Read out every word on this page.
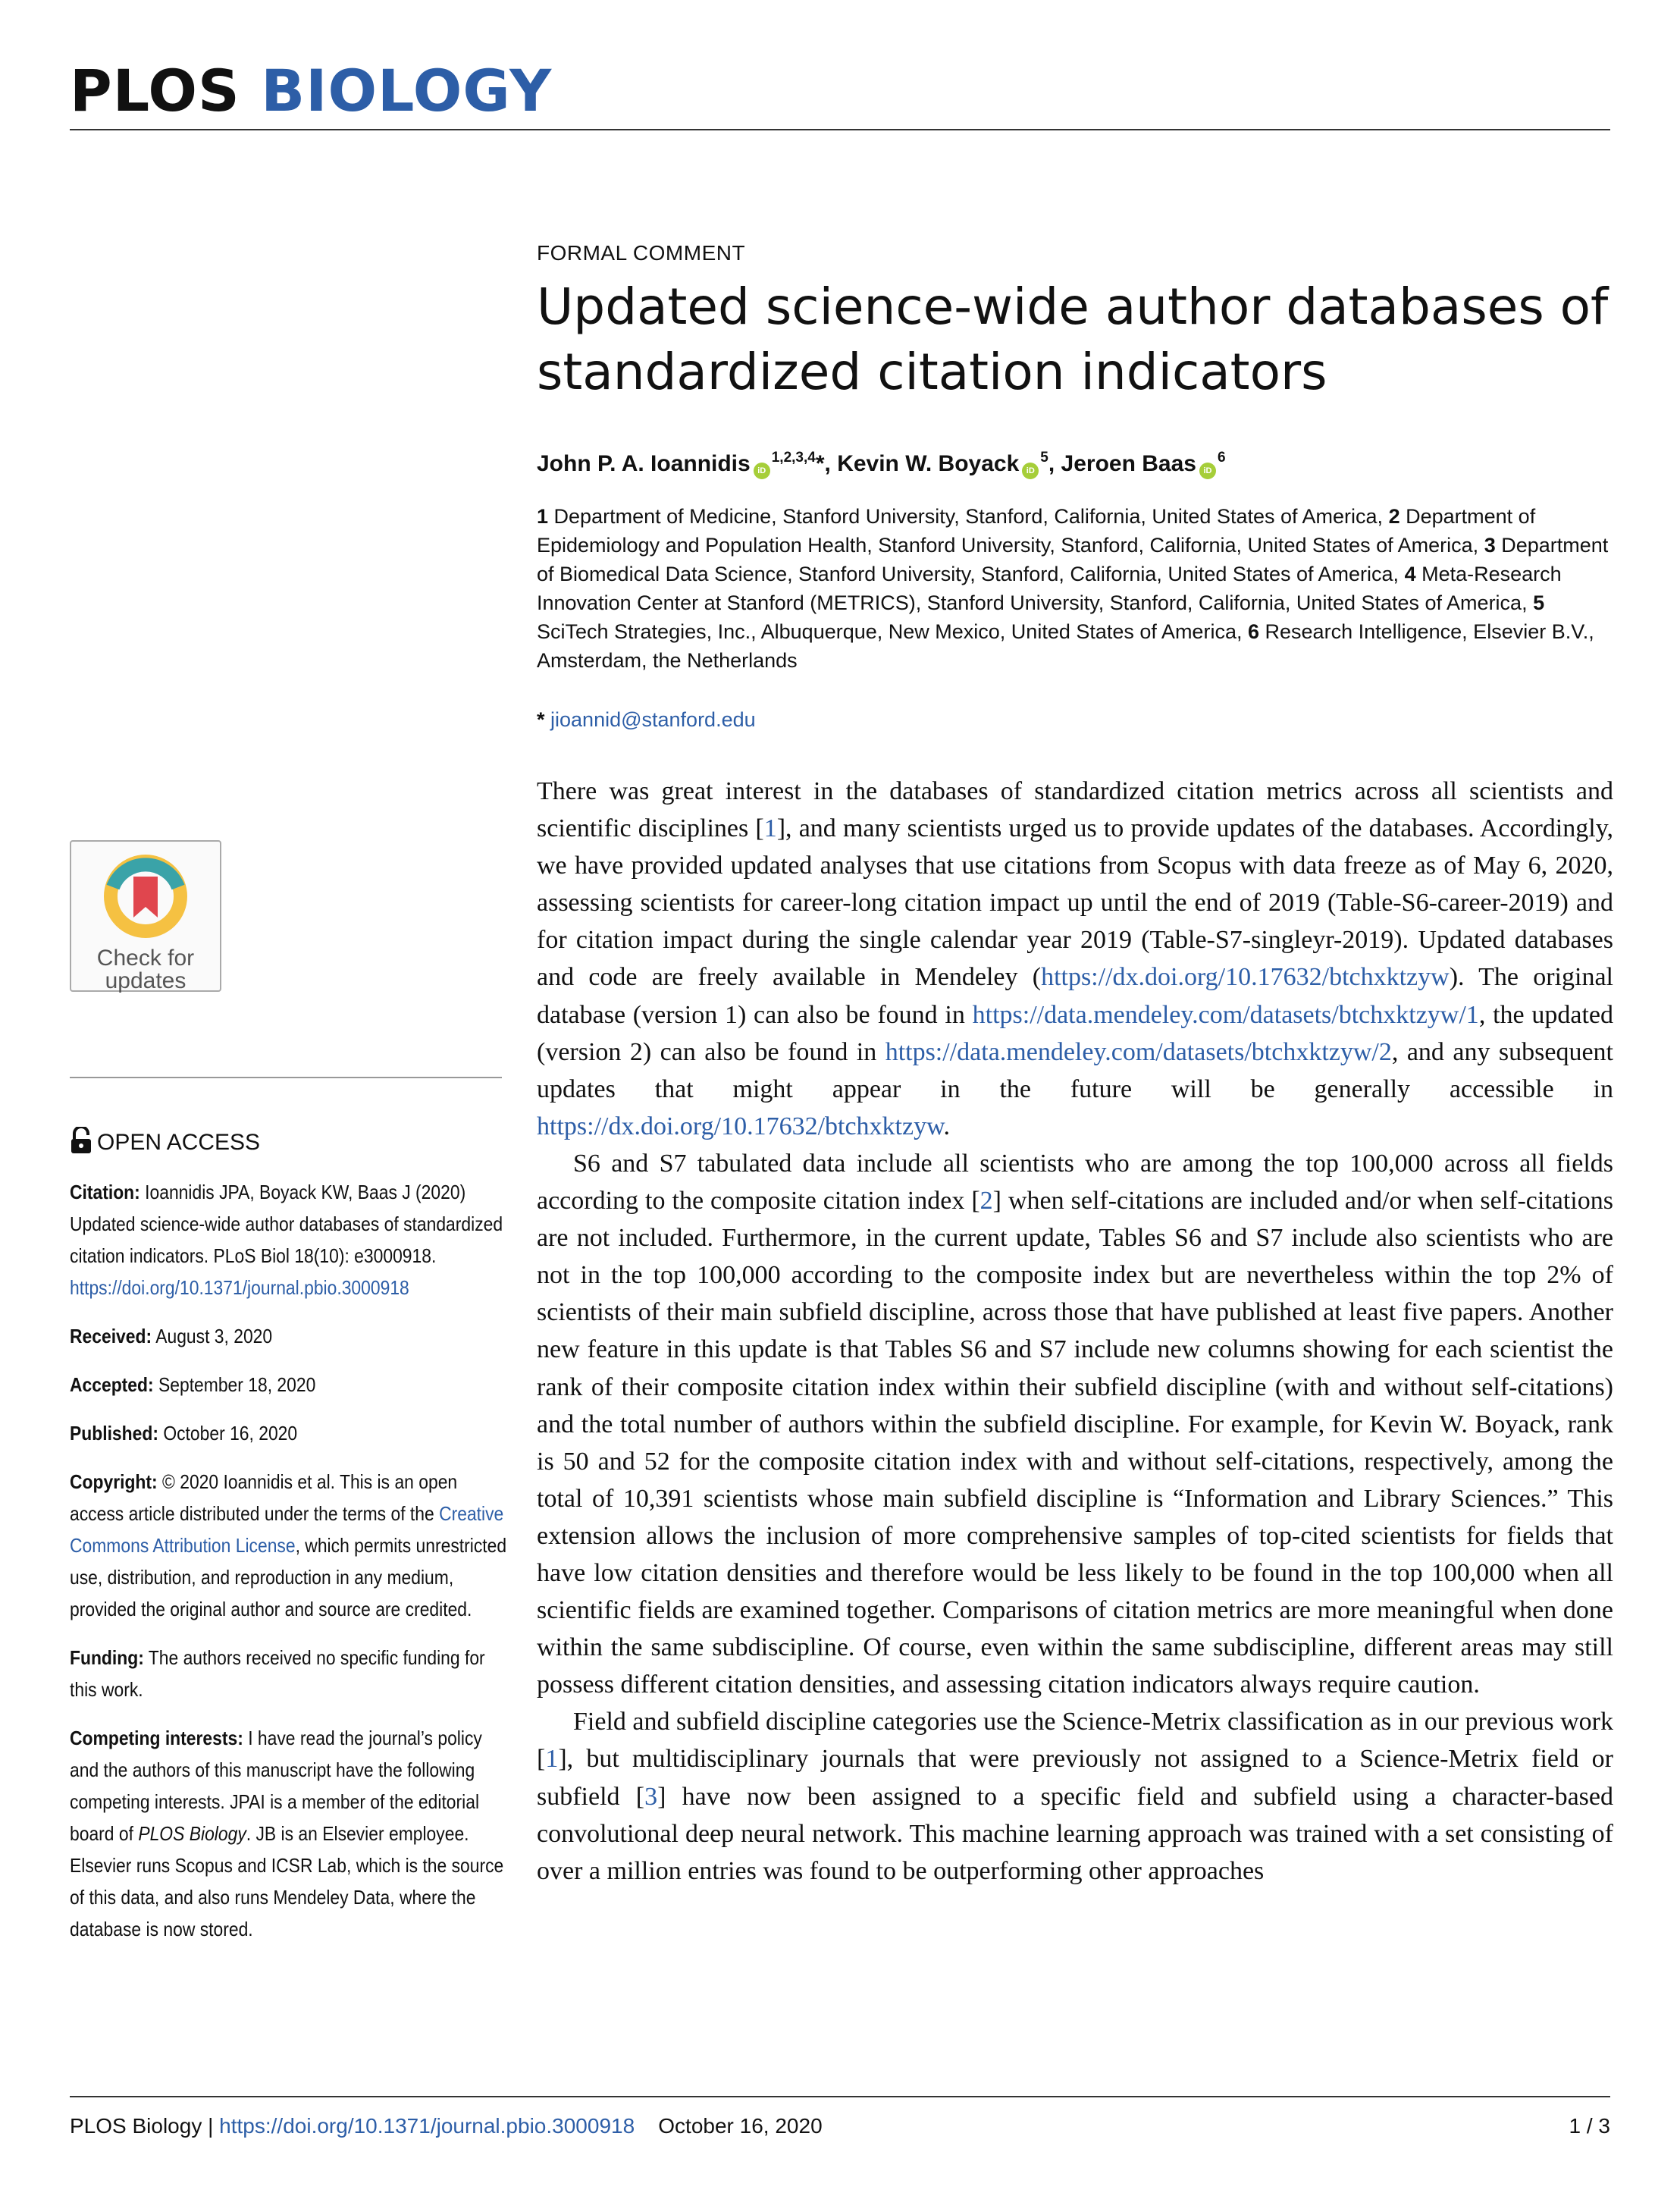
PLOS BIOLOGY
Check for updates
OPEN ACCESS
Citation: Ioannidis JPA, Boyack KW, Baas J (2020) Updated science-wide author databases of standardized citation indicators. PLoS Biol 18(10): e3000918. https://doi.org/10.1371/journal.pbio.3000918
Received: August 3, 2020
Accepted: September 18, 2020
Published: October 16, 2020
Copyright: © 2020 Ioannidis et al. This is an open access article distributed under the terms of the Creative Commons Attribution License, which permits unrestricted use, distribution, and reproduction in any medium, provided the original author and source are credited.
Funding: The authors received no specific funding for this work.
Competing interests: I have read the journal’s policy and the authors of this manuscript have the following competing interests. JPAI is a member of the editorial board of PLOS Biology. JB is an Elsevier employee. Elsevier runs Scopus and ICSR Lab, which is the source of this data, and also runs Mendeley Data, where the database is now stored.
FORMAL COMMENT
Updated science-wide author databases of standardized citation indicators
John P. A. Ioannidis iD$^{1,2,3,4}$*, Kevin W. Boyack iD$^5$, Jeroen Baas iD$^6$
1 Department of Medicine, Stanford University, Stanford, California, United States of America, 2 Department of Epidemiology and Population Health, Stanford University, Stanford, California, United States of America, 3 Department of Biomedical Data Science, Stanford University, Stanford, California, United States of America, 4 Meta-Research Innovation Center at Stanford (METRICS), Stanford University, Stanford, California, United States of America, 5 SciTech Strategies, Inc., Albuquerque, New Mexico, United States of America, 6 Research Intelligence, Elsevier B.V., Amsterdam, the Netherlands
* jioannid@stanford.edu

There was great interest in the databases of standardized citation metrics across all scientists and scientific disciplines [1], and many scientists urged us to provide updates of the databases. Accordingly, we have provided updated analyses that use citations from Scopus with data freeze as of May 6, 2020, assessing scientists for career-long citation impact up until the end of 2019 (Table-S6-career-2019) and for citation impact during the single calendar year 2019 (Table-S7-singleyr-2019). Updated databases and code are freely available in Mendeley (https://dx.doi.org/10.17632/btchxktzyw). The original database (version 1) can also be found in https://data.mendeley.com/datasets/btchxktzyw/1, the updated (version 2) can also be found in https://data.mendeley.com/datasets/btchxktzyw/2, and any subsequent updates that might appear in the future will be generally accessible in https://dx.doi.org/10.17632/btchxktzyw.

S6 and S7 tabulated data include all scientists who are among the top 100,000 across all fields according to the composite citation index [2] when self-citations are included and/or when self-citations are not included. Furthermore, in the current update, Tables S6 and S7 include also scientists who are not in the top 100,000 according to the composite index but are nevertheless within the top 2% of scientists of their main subfield discipline, across those that have published at least five papers. Another new feature in this update is that Tables S6 and S7 include new columns showing for each scientist the rank of their composite citation index within their subfield discipline (with and without self-citations) and the total number of authors within the subfield discipline. For example, for Kevin W. Boyack, rank is 50 and 52 for the composite citation index with and without self-citations, respectively, among the total of 10,391 scientists whose main subfield discipline is “Information and Library Sciences.” This extension allows the inclusion of more comprehensive samples of top-cited scientists for fields that have low citation densities and therefore would be less likely to be found in the top 100,000 when all scientific fields are examined together. Comparisons of citation metrics are more meaningful when done within the same subdiscipline. Of course, even within the same subdiscipline, different areas may still possess different citation densities, and assessing citation indicators always require caution.

Field and subfield discipline categories use the Science-Metrix classification as in our previous work [1], but multidisciplinary journals that were previously not assigned to a Science-Metrix field or subfield [3] have now been assigned to a specific field and subfield using a character-based convolutional deep neural network. This machine learning approach was trained with a set consisting of over a million entries was found to be outperforming other approaches

PLOS Biology | https://doi.org/10.1371/journal.pbio.3000918 October 16, 2020	1 / 3
